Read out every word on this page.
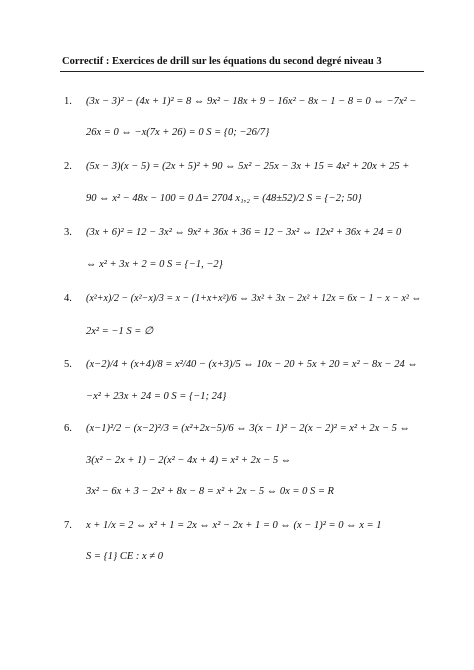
Correctif : Exercices de drill sur les équations du second degré niveau 3
1. (3x − 3)² − (4x + 1)² = 8 ⇔ 9x² − 18x + 9 − 16x² − 8x − 1 − 8 = 0 ⇔ −7x² −
26x = 0 ⇔ −x(7x + 26) = 0 S = {0; −26/7}
2. (5x − 3)(x − 5) = (2x + 5)² + 90 ⇔ 5x² − 25x − 3x + 15 = 4x² + 20x + 25 +
90 ⇔ x² − 48x − 100 = 0 Δ= 2704 x₁,₂ = (48±52)/2 S = {−2; 50}
3. (3x + 6)² = 12 − 3x² ⇔ 9x² + 36x + 36 = 12 − 3x² ⇔ 12x² + 36x + 24 = 0
⇔ x² + 3x + 2 = 0 S = {−1, −2}
4. (x²+x)/2 − (x²−x)/3 = x − (1+x+x²)/6 ⇔ 3x² + 3x − 2x² + 12x = 6x − 1 − x − x² ⇔
2x² = −1 S = ∅
5. (x−2)/4 + (x+4)/8 = x²/40 − (x+3)/5 ⇔ 10x − 20 + 5x + 20 = x² − 8x − 24 ⇔
−x² + 23x + 24 = 0 S = {−1; 24}
6. (x−1)²/2 − (x−2)²/3 = (x²+2x−5)/6 ⇔ 3(x − 1)² − 2(x − 2)² = x² + 2x − 5 ⇔
3(x² − 2x + 1) − 2(x² − 4x + 4) = x² + 2x − 5 ⇔
3x² − 6x + 3 − 2x² + 8x − 8 = x² + 2x − 5 ⇔ 0x = 0 S = R
7. x + 1/x = 2 ⇔ x² + 1 = 2x ⇔ x² − 2x + 1 = 0 ⇔ (x − 1)² = 0 ⇔ x = 1
S = {1} CE : x ≠ 0
